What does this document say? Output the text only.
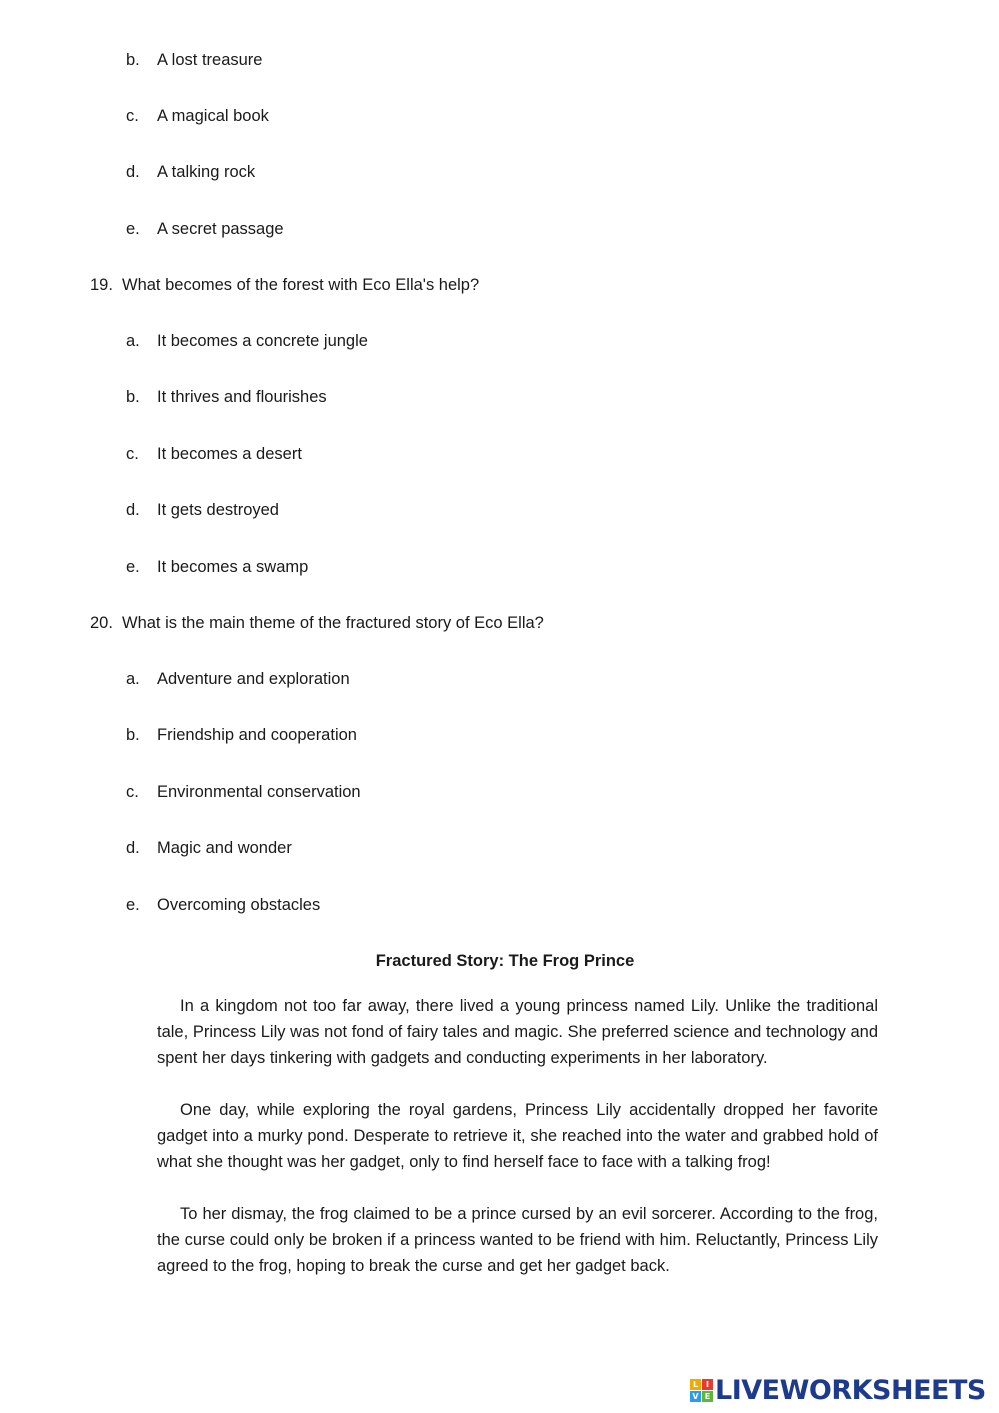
b.	A lost treasure
c.	A magical book
d.	A talking rock
e.	A secret passage
19. What becomes of the forest with Eco Ella's help?
a.	It becomes a concrete jungle
b.	It thrives and flourishes
c.	It becomes a desert
d.	It gets destroyed
e.	It becomes a swamp
20. What is the main theme of the fractured story of Eco Ella?
a.	Adventure and exploration
b.	Friendship and cooperation
c.	Environmental conservation
d.	Magic and wonder
e.	Overcoming obstacles
Fractured Story: The Frog Prince

In a kingdom not too far away, there lived a young princess named Lily. Unlike the traditional tale, Princess Lily was not fond of fairy tales and magic. She preferred science and technology and spent her days tinkering with gadgets and conducting experiments in her laboratory.

One day, while exploring the royal gardens, Princess Lily accidentally dropped her favorite gadget into a murky pond. Desperate to retrieve it, she reached into the water and grabbed hold of what she thought was her gadget, only to find herself face to face with a talking frog!

To her dismay, the frog claimed to be a prince cursed by an evil sorcerer. According to the frog, the curse could only be broken if a princess wanted to be friend with him. Reluctantly, Princess Lily agreed to the frog, hoping to break the curse and get her gadget back.

L I
V E LIVEWORKSHEETS
